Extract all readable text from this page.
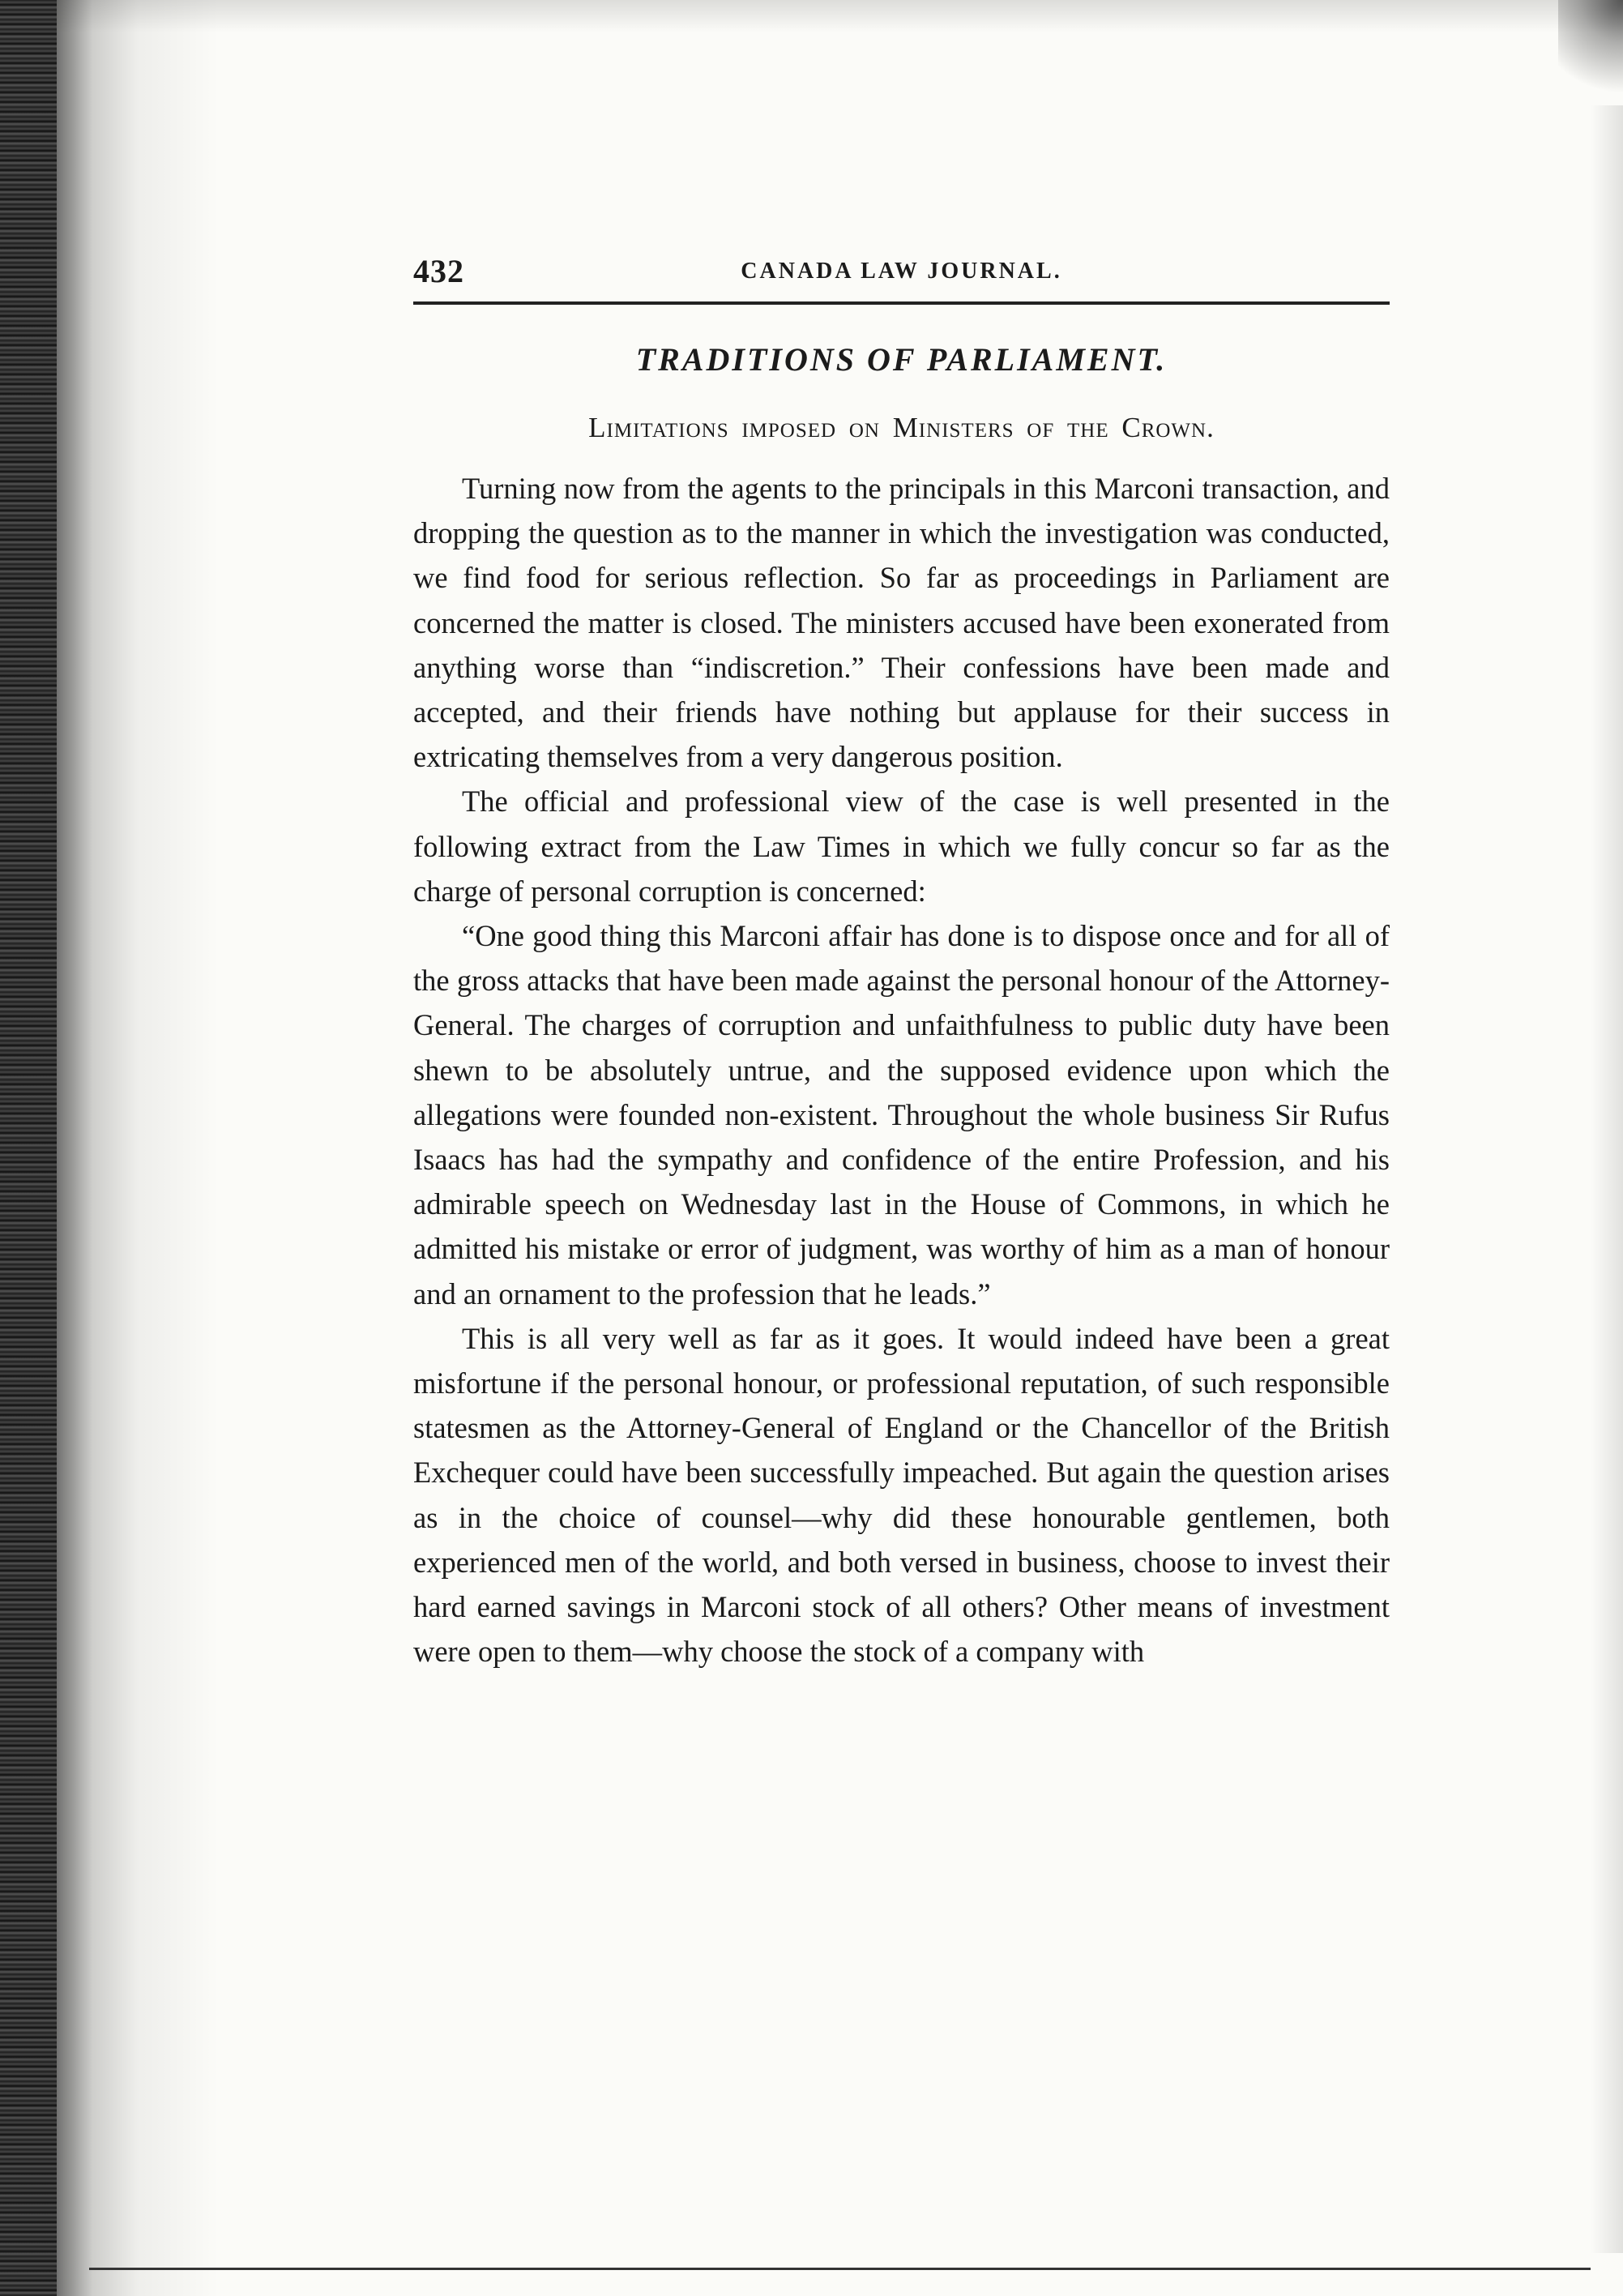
432	CANADA LAW JOURNAL.
TRADITIONS OF PARLIAMENT.
Limitations imposed on Ministers of the Crown.

Turning now from the agents to the principals in this Marconi transaction, and dropping the question as to the manner in which the investigation was conducted, we find food for serious reflection. So far as proceedings in Parliament are concerned the matter is closed. The ministers accused have been exonerated from anything worse than “indiscretion.” Their confessions have been made and accepted, and their friends have nothing but applause for their success in extricating themselves from a very dangerous position.

The official and professional view of the case is well presented in the following extract from the Law Times in which we fully concur so far as the charge of personal corruption is concerned:

“One good thing this Marconi affair has done is to dispose once and for all of the gross attacks that have been made against the personal honour of the Attorney-General. The charges of corruption and unfaithfulness to public duty have been shewn to be absolutely untrue, and the supposed evidence upon which the allegations were founded non-existent. Throughout the whole business Sir Rufus Isaacs has had the sympathy and confidence of the entire Profession, and his admirable speech on Wednesday last in the House of Commons, in which he admitted his mistake or error of judgment, was worthy of him as a man of honour and an ornament to the profession that he leads.”

This is all very well as far as it goes. It would indeed have been a great misfortune if the personal honour, or professional reputation, of such responsible statesmen as the Attorney-General of England or the Chancellor of the British Exchequer could have been successfully impeached. But again the question arises as in the choice of counsel—why did these honourable gentlemen, both experienced men of the world, and both versed in business, choose to invest their hard earned savings in Marconi stock of all others? Other means of investment were open to them—why choose the stock of a company with
